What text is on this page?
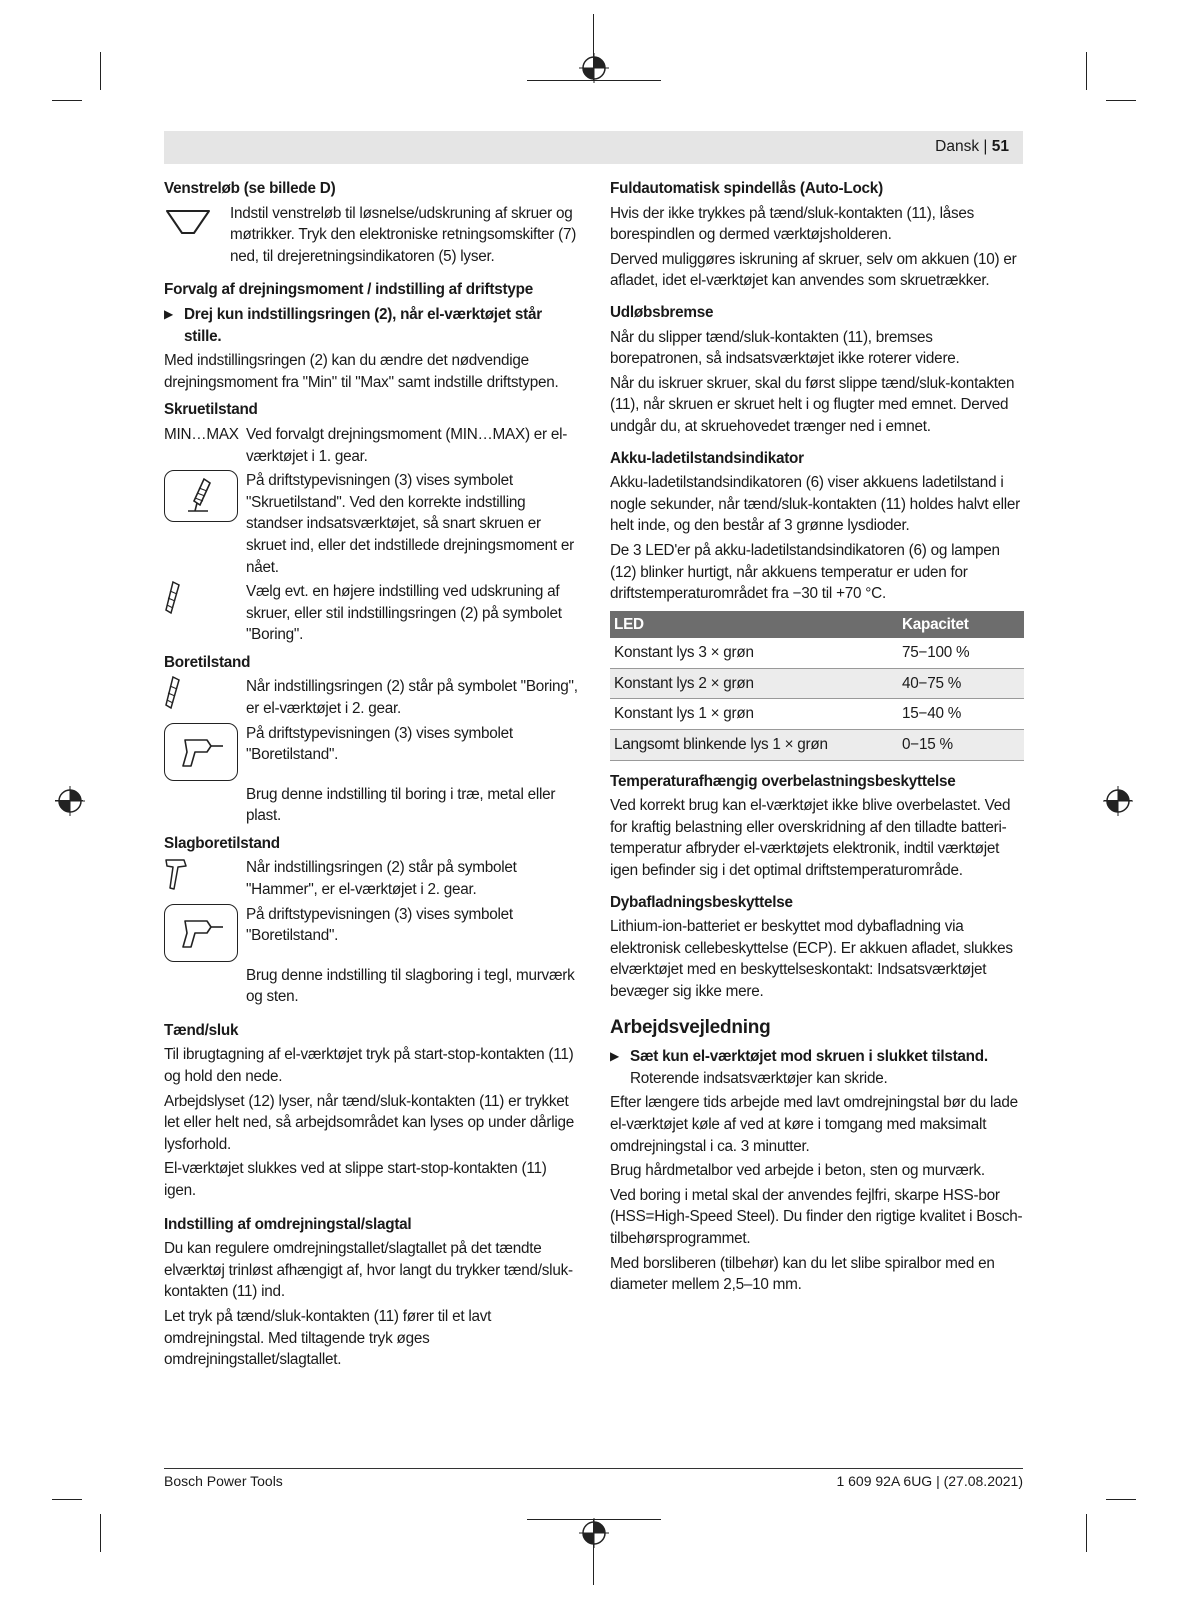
Dansk | 51
Venstreløb (se billede D)
Indstil venstreløb til løsnelse/udskruning af skruer og møtrikker. Tryk den elektroniske retningsomskifter (7) ned, til drejeretningsindikatoren (5) lyser.
Forvalg af drejningsmoment / indstilling af driftstype
▶ Drej kun indstillingsringen (2), når el-værktøjet står stille.

Med indstillingsringen (2) kan du ændre det nødvendige drejningsmoment fra "Min" til "Max" samt indstille driftstypen.

Skruetilstand
MIN…MAX Ved forvalgt drejningsmoment (MIN…MAX) er el-værktøjet i 1. gear.
På driftstypevisningen (3) vises symbolet "Skruetilstand". Ved den korrekte indstilling standser indsatsværktøjet, så snart skruen er skruet ind, eller det indstillede drejningsmoment er nået.
Vælg evt. en højere indstilling ved udskruning af skruer, eller stil indstillingsringen (2) på symbolet "Boring".
Boretilstand
Når indstillingsringen (2) står på symbolet "Boring", er el-værktøjet i 2. gear.
På driftstypevisningen (3) vises symbolet "Boretilstand".
Brug denne indstilling til boring i træ, metal eller plast.
Slagboretilstand
Når indstillingsringen (2) står på symbolet "Hammer", er el-værktøjet i 2. gear.
På driftstypevisningen (3) vises symbolet "Boretilstand".
Brug denne indstilling til slagboring i tegl, murværk og sten.
Tænd/sluk

Til ibrugtagning af el-værktøjet tryk på start-stop-kontakten (11) og hold den nede.

Arbejdslyset (12) lyser, når tænd/sluk-kontakten (11) er trykket let eller helt ned, så arbejdsområdet kan lyses op under dårlige lysforhold.

El-værktøjet slukkes ved at slippe start-stop-kontakten (11) igen.

Indstilling af omdrejningstal/slagtal

Du kan regulere omdrejningstallet/slagtallet på det tændte elværktøj trinløst afhængigt af, hvor langt du trykker tænd/sluk-kontakten (11) ind.

Let tryk på tænd/sluk-kontakten (11) fører til et lavt omdrejningstal. Med tiltagende tryk øges omdrejningstallet/slagtallet.

Fuldautomatisk spindellås (Auto-Lock)

Hvis der ikke trykkes på tænd/sluk-kontakten (11), låses borespindlen og dermed værktøjsholderen.

Derved muliggøres iskruning af skruer, selv om akkuen (10) er afladet, idet el-værktøjet kan anvendes som skruetrækker.

Udløbsbremse

Når du slipper tænd/sluk-kontakten (11), bremses borepatronen, så indsatsværktøjet ikke roterer videre.

Når du iskruer skruer, skal du først slippe tænd/sluk-kontakten (11), når skruen er skruet helt i og flugter med emnet. Derved undgår du, at skruehovedet trænger ned i emnet.

Akku-ladetilstandsindikator

Akku-ladetilstandsindikatoren (6) viser akkuens ladetilstand i nogle sekunder, når tænd/sluk-kontakten (11) holdes halvt eller helt inde, og den består af 3 grønne lysdioder.

De 3 LED'er på akku-ladetilstandsindikatoren (6) og lampen (12) blinker hurtigt, når akkuens temperatur er uden for driftstemperaturområdet fra −30 til +70 °C.

LED	Kapacitet
Konstant lys 3 × grøn	75−100 %
Konstant lys 2 × grøn	40−75 %
Konstant lys 1 × grøn	15−40 %
Langsomt blinkende lys 1 × grøn	0−15 %
Temperaturafhængig overbelastningsbeskyttelse

Ved korrekt brug kan el-værktøjet ikke blive overbelastet. Ved for kraftig belastning eller overskridning af den tilladte batteri-temperatur afbryder el-værktøjets elektronik, indtil værktøjet igen befinder sig i det optimal driftstemperaturområde.

Dybafladningsbeskyttelse

Lithium-ion-batteriet er beskyttet mod dybafladning via elektronisk cellebeskyttelse (ECP). Er akkuen afladet, slukkes elværktøjet med en beskyttelseskontakt: Indsatsværktøjet bevæger sig ikke mere.

Arbejdsvejledning
▶ Sæt kun el-værktøjet mod skruen i slukket tilstand.
Roterende indsatsværktøjer kan skride.

Efter længere tids arbejde med lavt omdrejningstal bør du lade el-værktøjet køle af ved at køre i tomgang med maksimalt omdrejningstal i ca. 3 minutter.

Brug hårdmetalbor ved arbejde i beton, sten og murværk.

Ved boring i metal skal der anvendes fejlfri, skarpe HSS-bor (HSS=High-Speed Steel). Du finder den rigtige kvalitet i Bosch-tilbehørsprogrammet.

Med borsliberen (tilbehør) kan du let slibe spiralbor med en diameter mellem 2,5–10 mm.

Bosch Power Tools	1 609 92A 6UG | (27.08.2021)
